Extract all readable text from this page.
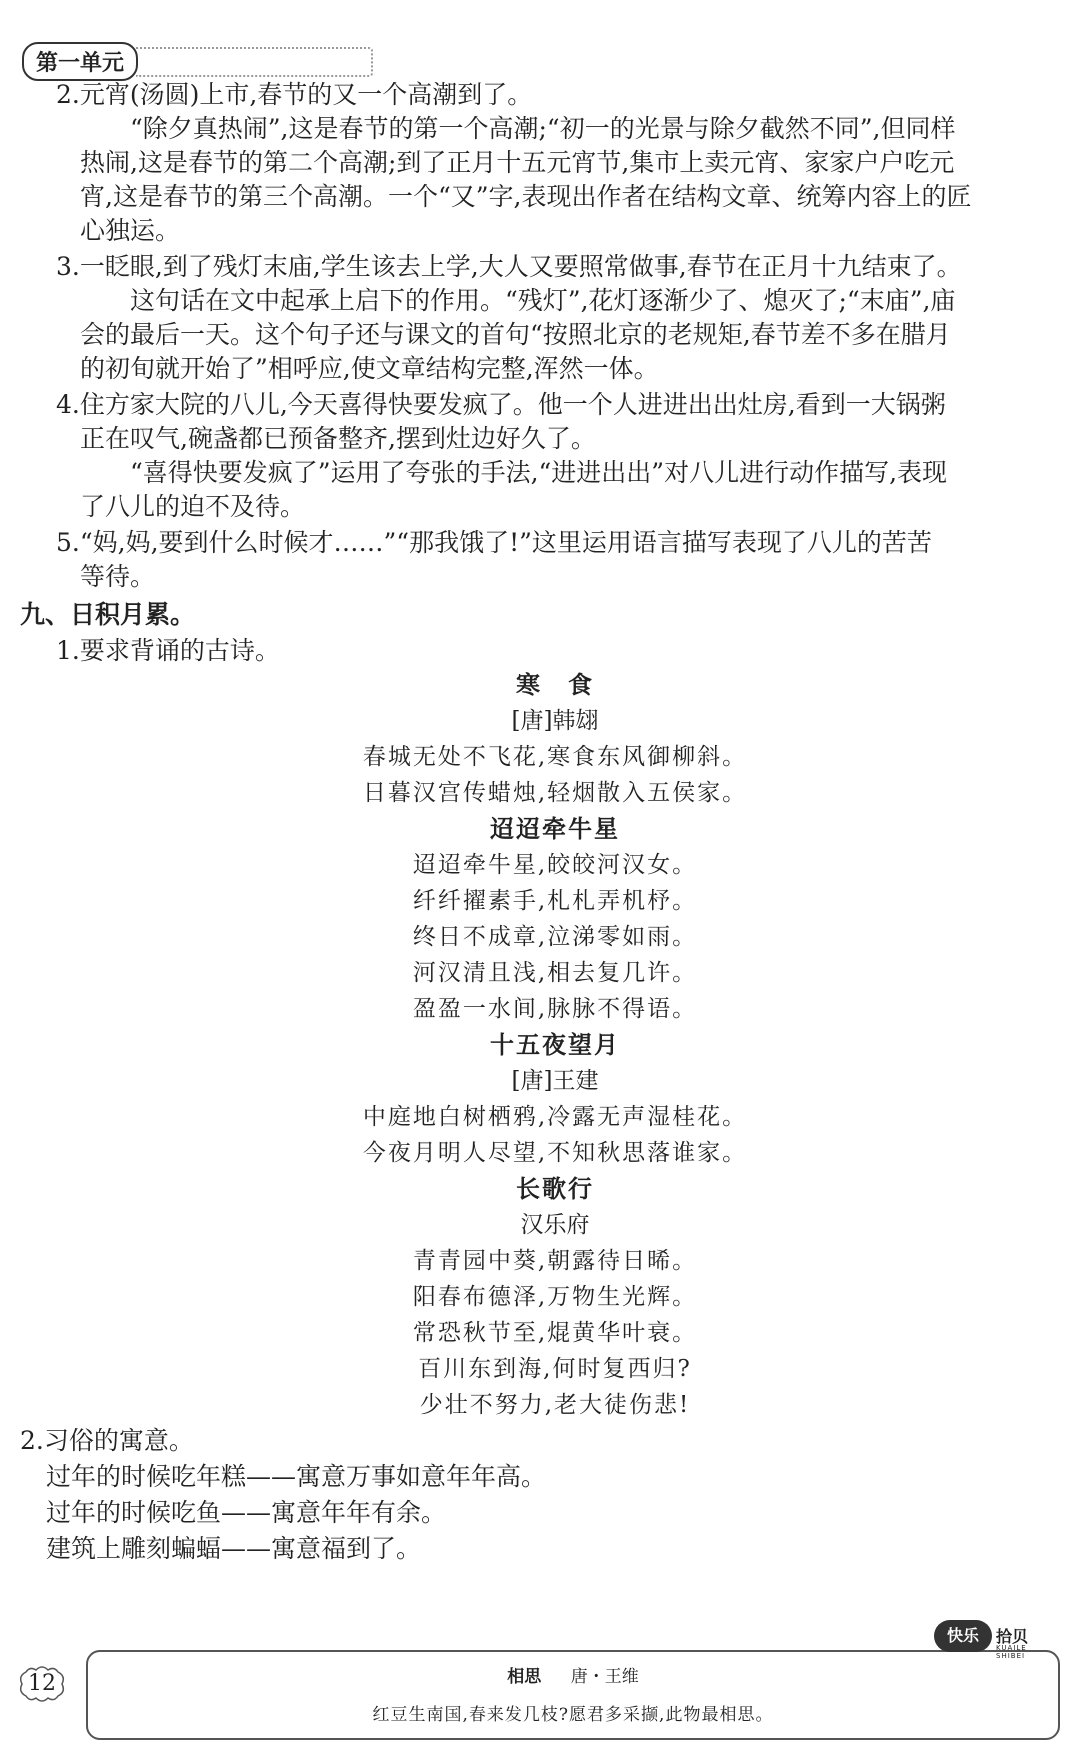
第一单元
2.元宵(汤圆)上市,春节的又一个高潮到了。
“除夕真热闹”,这是春节的第一个高潮;“初一的光景与除夕截然不同”,但同样
热闹,这是春节的第二个高潮;到了正月十五元宵节,集市上卖元宵、家家户户吃元
宵,这是春节的第三个高潮。一个“又”字,表现出作者在结构文章、统筹内容上的匠
心独运。
3.一眨眼,到了残灯末庙,学生该去上学,大人又要照常做事,春节在正月十九结束了。
这句话在文中起承上启下的作用。“残灯”,花灯逐渐少了、熄灭了;“末庙”,庙
会的最后一天。这个句子还与课文的首句“按照北京的老规矩,春节差不多在腊月
的初旬就开始了”相呼应,使文章结构完整,浑然一体。
4.住方家大院的八儿,今天喜得快要发疯了。他一个人进进出出灶房,看到一大锅粥
正在叹气,碗盏都已预备整齐,摆到灶边好久了。
“喜得快要发疯了”运用了夸张的手法,“进进出出”对八儿进行动作描写,表现
了八儿的迫不及待。
5.“妈,妈,要到什么时候才……”“那我饿了!”这里运用语言描写表现了八儿的苦苦
等待。
九、日积月累。
1.要求背诵的古诗。
寒　食
[唐]韩翃
春城无处不飞花,寒食东风御柳斜。
日暮汉宫传蜡烛,轻烟散入五侯家。
迢迢牵牛星
迢迢牵牛星,皎皎河汉女。
纤纤擢素手,札札弄机杼。
终日不成章,泣涕零如雨。
河汉清且浅,相去复几许。
盈盈一水间,脉脉不得语。
十五夜望月
[唐]王建
中庭地白树栖鸦,冷露无声湿桂花。
今夜月明人尽望,不知秋思落谁家。
长歌行
汉乐府
青青园中葵,朝露待日晞。
阳春布德泽,万物生光辉。
常恐秋节至,焜黄华叶衰。
百川东到海,何时复西归?
少壮不努力,老大徒伤悲!
2.习俗的寓意。
过年的时候吃年糕——寓意万事如意年年高。
过年的时候吃鱼——寓意年年有余。
建筑上雕刻蝙蝠——寓意福到了。
12	相思 唐・王维
红豆生南国,春来发几枝?愿君多采撷,此物最相思。
快乐	拾贝
KUAILE SHIBEI
